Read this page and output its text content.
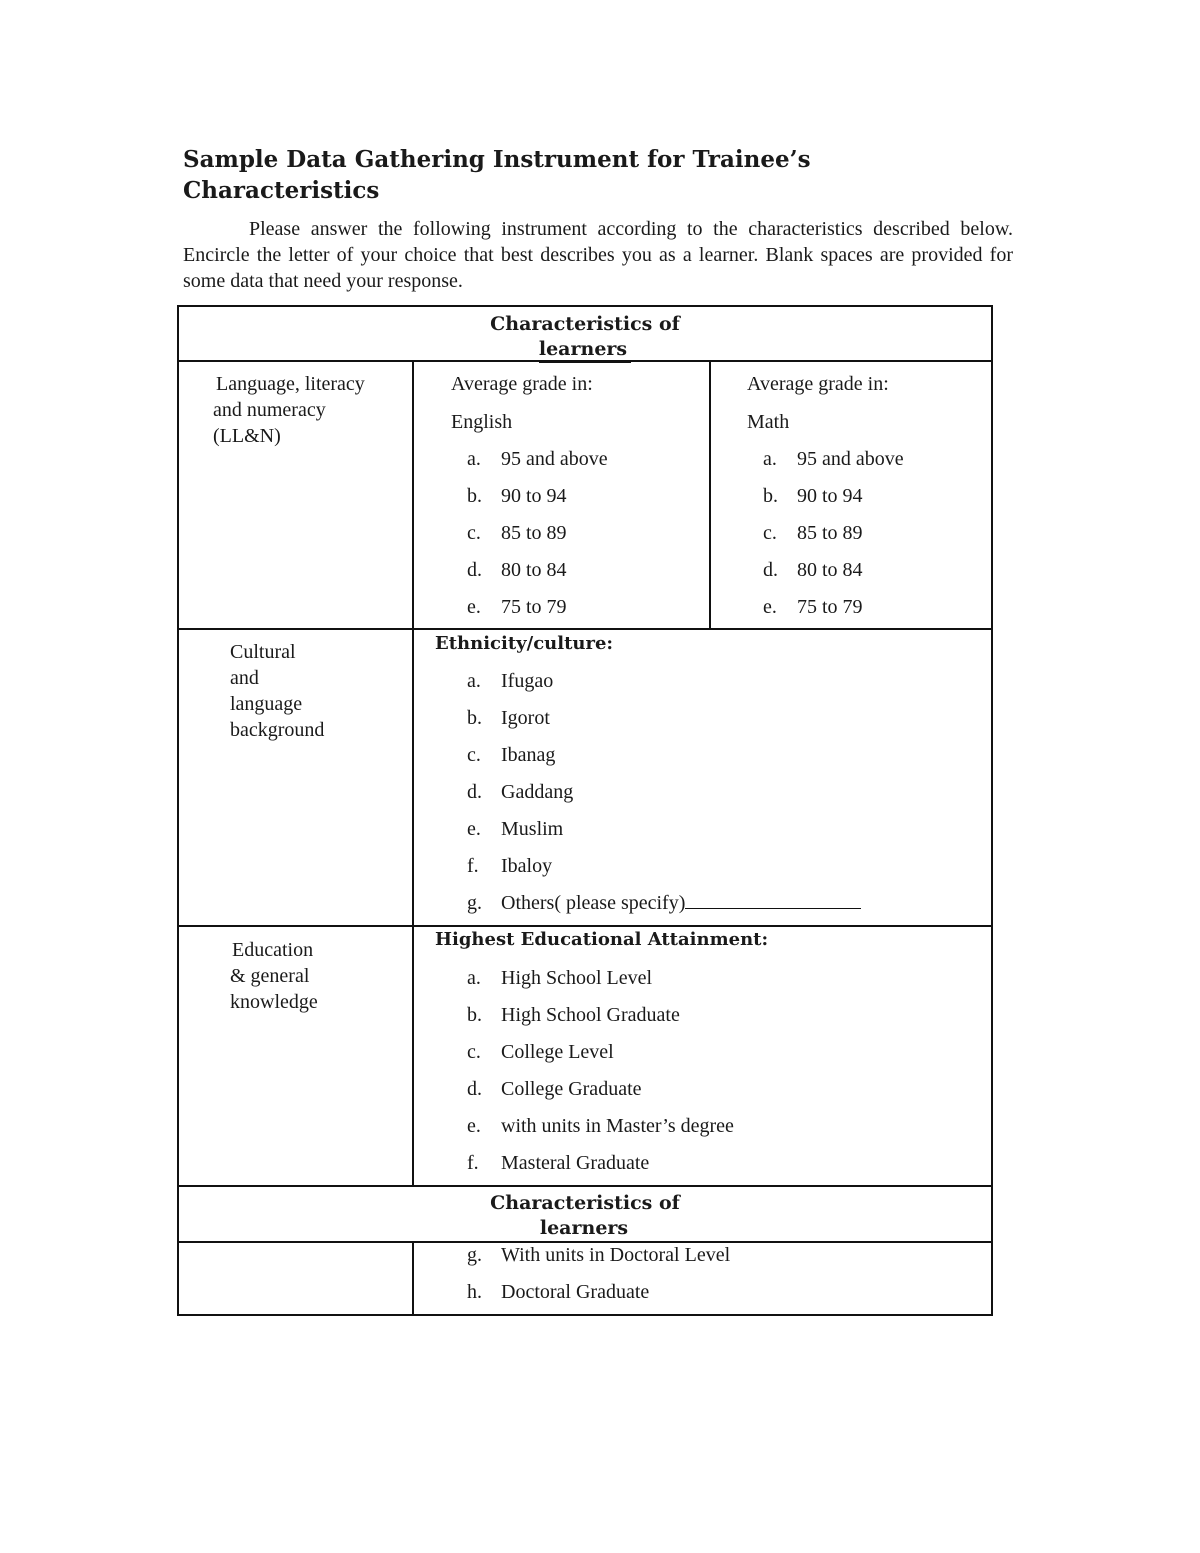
Sample Data Gathering Instrument for Trainee’s Characteristics

Please answer the following instrument according to the characteristics described below. Encircle the letter of your choice that best describes you as a learner. Blank spaces are provided for some data that need your response.

Characteristics of
learners
Language, literacy
and numeracy
(LL&N)
Average grade in:
English
a. 95 and above
b. 90 to 94
c. 85 to 89
d. 80 to 84
e. 75 to 79
Average grade in:
Math
a. 95 and above
b. 90 to 94
c. 85 to 89
d. 80 to 84
e. 75 to 79
Cultural
and
language
background
Ethnicity/culture:
a. Ifugao
b. Igorot
c. Ibanag
d. Gaddang
e. Muslim
f. Ibaloy
g. Others( please specify)
Education
& general
knowledge
Highest Educational Attainment:
a. High School Level
b. High School Graduate
c. College Level
d. College Graduate
e. with units in Master’s degree
f. Masteral Graduate
Characteristics of
learners
g. With units in Doctoral Level
h. Doctoral Graduate
